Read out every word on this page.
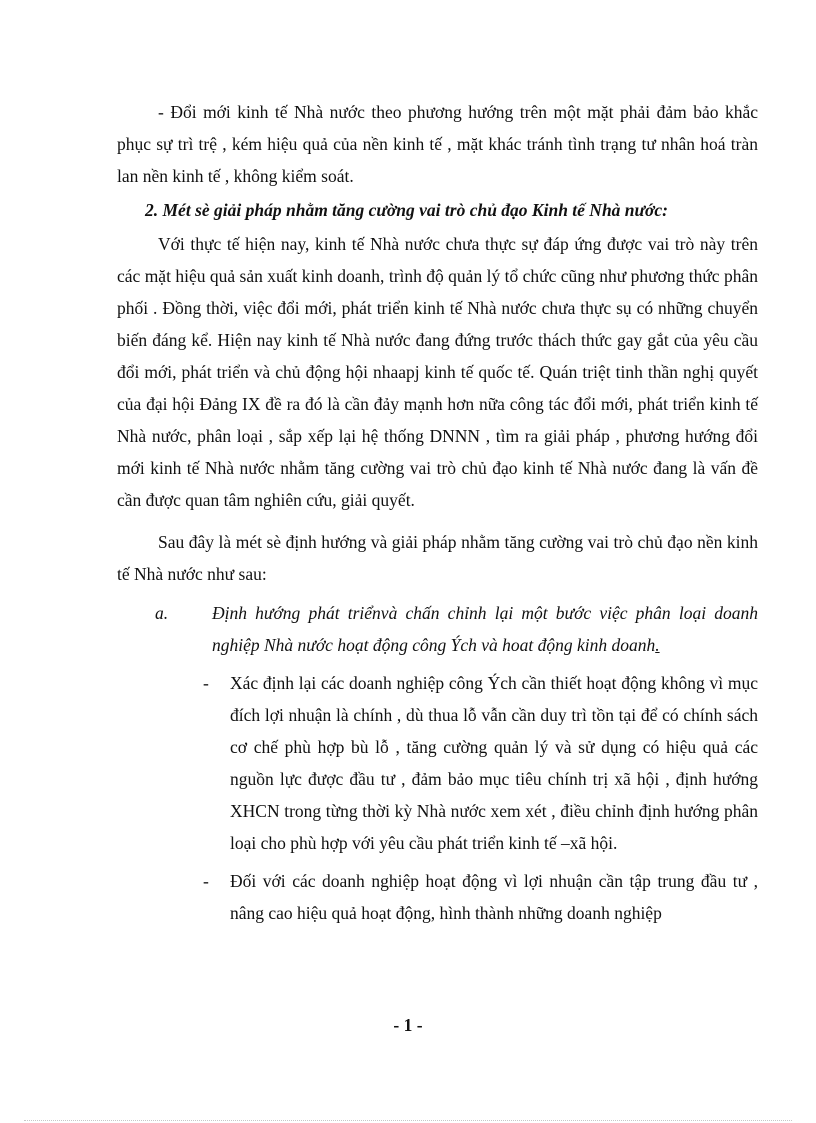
- Đổi mới kinh tế Nhà nước theo phương hướng trên một mặt phải đảm bảo khắc phục sự trì trệ , kém hiệu quả của nền kinh tế , mặt khác tránh tình trạng tư nhân hoá tràn lan nền kinh tế , không kiểm soát.

2. Mét sè giải pháp nhằm tăng cường vai trò chủ đạo Kinh tế Nhà nước:

Với thực tế hiện nay, kinh tế Nhà nước chưa thực sự đáp ứng được vai trò này trên các mặt hiệu quả sản xuất kinh doanh, trình độ quản lý tổ chức cũng như phương thức phân phối . Đồng thời, việc đổi mới, phát triển kinh tế Nhà nước chưa thực sụ có những chuyển biến đáng kể. Hiện nay kinh tế Nhà nước đang đứng trước thách thức gay gắt của yêu cầu đổi mới, phát triển và chủ động hội nhaapj kinh tế quốc tế. Quán triệt tinh thần nghị quyết của đại hội Đảng IX đề ra đó là cần đảy mạnh hơn nữa công tác đổi mới, phát triển kinh tế Nhà nước, phân loại , sắp xếp lại hệ thống DNNN , tìm ra giải pháp , phương hướng đổi mới kinh tế Nhà nước nhằm tăng cường vai trò chủ đạo kinh tế Nhà nước đang là vấn đề cần được quan tâm nghiên cứu, giải quyết.

Sau đây là mét sè định hướng và giải pháp nhằm tăng cường vai trò chủ đạo nền kinh tế Nhà nước như sau:

a.	Định hướng phát triểnvà chấn chỉnh lại một bước việc phân loại doanh nghiệp Nhà nước hoạt động công Ých và hoat động kinh doanh.
-	Xác định lại các doanh nghiệp công Ých cần thiết hoạt động không vì mục đích lợi nhuận là chính , dù thua lỗ vẫn cần duy trì tồn tại để có chính sách cơ chế phù hợp bù lỗ , tăng cường quản lý và sử dụng có hiệu quả các nguồn lực được đầu tư , đảm bảo mục tiêu chính trị xã hội , định hướng XHCN trong từng thời kỳ Nhà nước xem xét , điều chỉnh định hướng phân loại cho phù hợp với yêu cầu phát triển kinh tế –xã hội.
-	Đối với các doanh nghiệp hoạt động vì lợi nhuận cần tập trung đầu tư , nâng cao hiệu quả hoạt động, hình thành những doanh nghiệp
- 1 -
